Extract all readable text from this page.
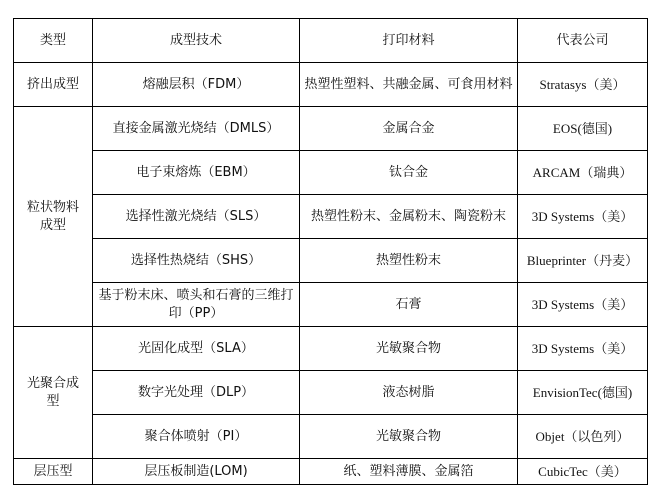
类型	成型技术	打印材料	代表公司
挤出成型	熔融层积（FDM）	热塑性塑料、共融金属、可食用材料	Stratasys（美）
粒状物料成型	直接金属激光烧结（DMLS）	金属合金	EOS(德国)
	电子束熔炼（EBM）	钛合金	ARCAM（瑞典）
	选择性激光烧结（SLS）	热塑性粉末、金属粉末、陶瓷粉末	3D Systems（美）
	选择性热烧结（SHS）	热塑性粉末	Blueprinter（丹麦）
	基于粉末床、喷头和石膏的三维打印（PP）	石膏	3D Systems（美）
光聚合成型	光固化成型（SLA）	光敏聚合物	3D Systems（美）
	数字光处理（DLP）	液态树脂	EnvisionTec(德国)
	聚合体喷射（PI）	光敏聚合物	Objet（以色列）
层压型	层压板制造(LOM)	纸、塑料薄膜、金属箔	CubicTec（美）
